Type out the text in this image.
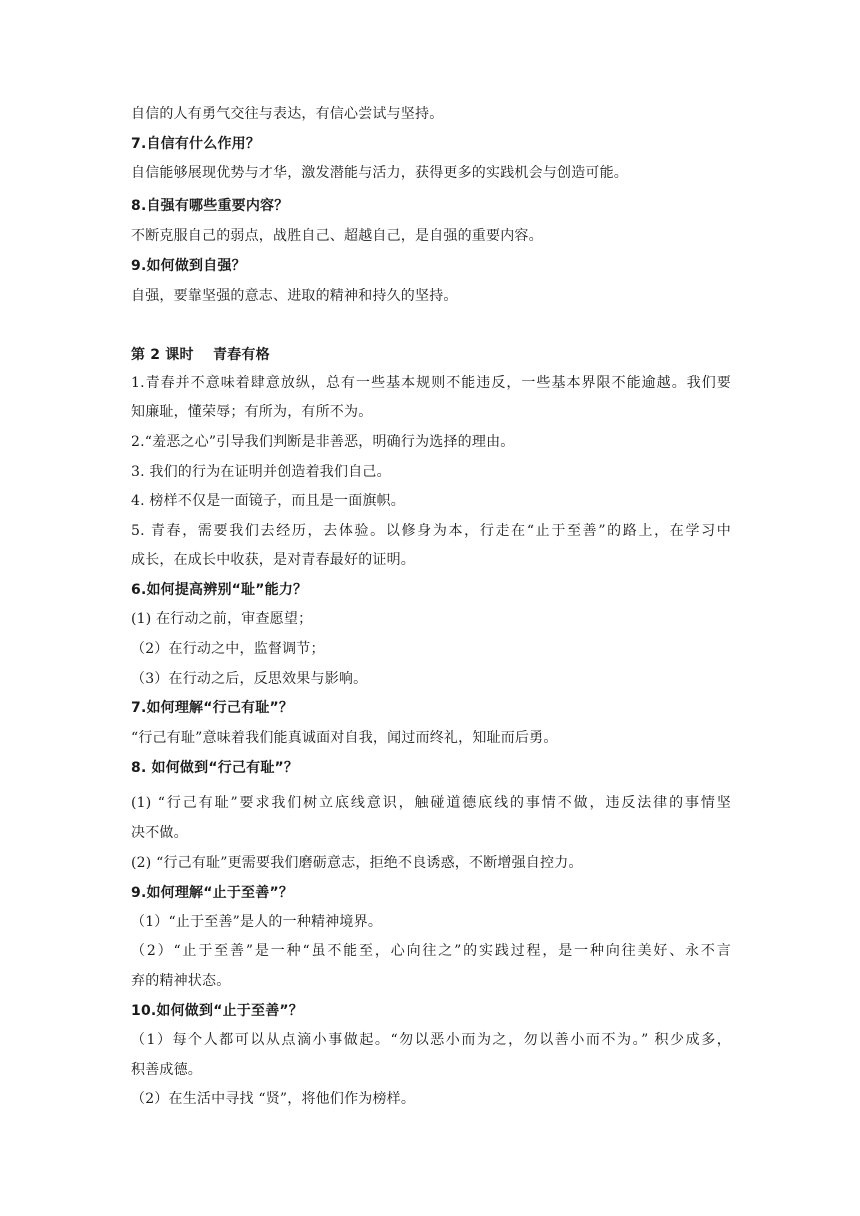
自信的人有勇气交往与表达，有信心尝试与坚持。
7.自信有什么作用？
自信能够展现优势与才华，激发潜能与活力，获得更多的实践机会与创造可能。
8.自强有哪些重要内容？
不断克服自己的弱点，战胜自己、超越自己，是自强的重要内容。
9.如何做到自强？
自强，要靠坚强的意志、进取的精神和持久的坚持。
第 2 课时　 青春有格
1.青春并不意味着肆意放纵，总有一些基本规则不能违反，一些基本界限不能逾越。我们要
知廉耻，懂荣辱；有所为，有所不为。
2.“羞恶之心”引导我们判断是非善恶，明确行为选择的理由。
3. 我们的行为在证明并创造着我们自己。
4. 榜样不仅是一面镜子，而且是一面旗帜。
5. 青春，需要我们去经历，去体验。以修身为本，行走在“止于至善”的路上，在学习中
成长，在成长中收获，是对青春最好的证明。
6.如何提高辨别“耻”能力？
(1) 在行动之前，审查愿望；
（2）在行动之中，监督调节；
（3）在行动之后，反思效果与影响。
7.如何理解“行己有耻”？
“行己有耻”意味着我们能真诚面对自我，闻过而终礼，知耻而后勇。
8. 如何做到“行己有耻”？
(1) “行己有耻”要求我们树立底线意识，触碰道德底线的事情不做，违反法律的事情坚
决不做。
(2) “行己有耻”更需要我们磨砺意志，拒绝不良诱惑，不断增强自控力。
9.如何理解“止于至善”？
（1）“止于至善”是人的一种精神境界。
（2）“止于至善”是一种“虽不能至，心向往之”的实践过程，是一种向往美好、永不言
弃的精神状态。
10.如何做到“止于至善”？
（1）每个人都可以从点滴小事做起。“勿以恶小而为之，勿以善小而不为。” 积少成多，
积善成德。
（2）在生活中寻找 “贤”，将他们作为榜样。
